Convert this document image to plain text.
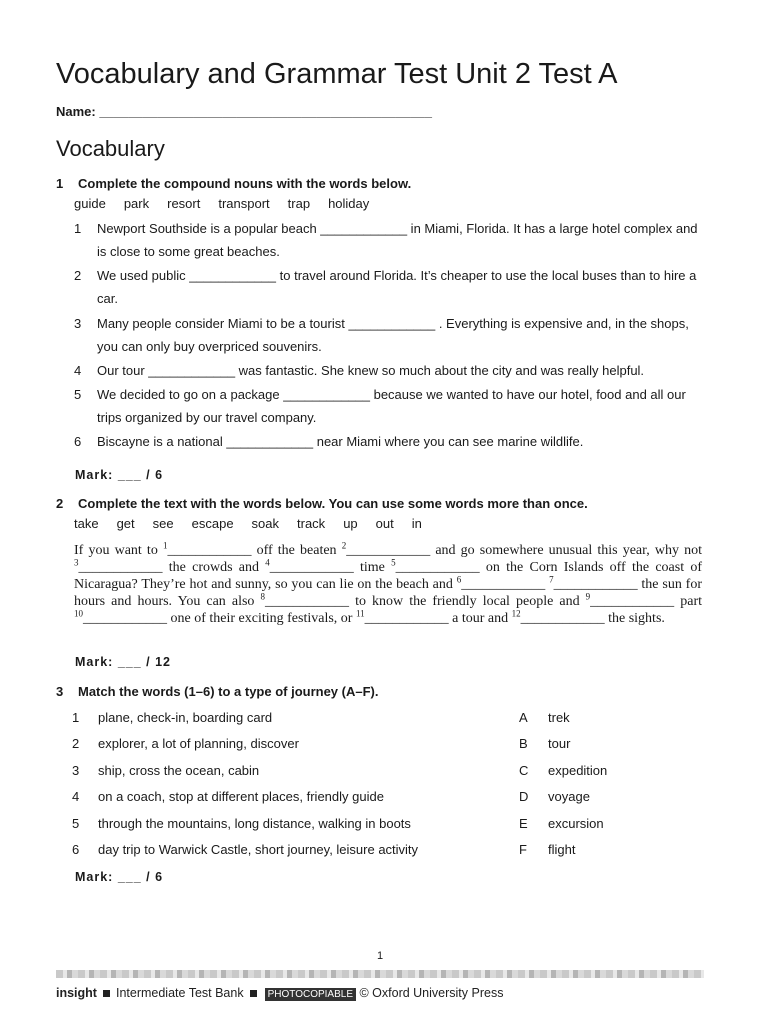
Vocabulary and Grammar Test Unit 2 Test A
Name: ______________________________________________
Vocabulary
1 Complete the compound nouns with the words below.
guide park resort transport trap holiday
1 Newport Southside is a popular beach ____________ in Miami, Florida. It has a large hotel complex and is close to some great beaches.
2 We used public ____________ to travel around Florida. It’s cheaper to use the local buses than to hire a car.
3 Many people consider Miami to be a tourist ____________ . Everything is expensive and, in the shops, you can only buy overpriced souvenirs.
4 Our tour ____________ was fantastic. She knew so much about the city and was really helpful.
5 We decided to go on a package ____________ because we wanted to have our hotel, food and all our trips organized by our travel company.
6 Biscayne is a national ____________ near Miami where you can see marine wildlife.
Mark: ___ / 6
2 Complete the text with the words below. You can use some words more than once.
take get see escape soak track up out in
If you want to $^1$____________ off the beaten $^2$____________ and go somewhere unusual this year, why not $^3$____________ the crowds and $^4$____________ time $^5$____________ on the Corn Islands off the coast of Nicaragua? They’re hot and sunny, so you can lie on the beach and $^6$____________ $^7$____________ the sun for hours and hours. You can also $^8$____________ to know the friendly local people and $^9$____________ part $^{10}$____________ one of their exciting festivals, or $^{11}$____________ a tour and $^{12}$____________ the sights.
Mark: ___ / 12
3 Match the words (1–6) to a type of journey (A–F).
1 plane, check-in, boarding card	A trek
2 explorer, a lot of planning, discover	B tour
3 ship, cross the ocean, cabin	C expedition
4 on a coach, stop at different places, friendly guide	D voyage
5 through the mountains, long distance, walking in boots	E excursion
6 day trip to Warwick Castle, short journey, leisure activity	F flight
Mark: ___ / 6
1
insight Intermediate Test Bank PHOTOCOPIABLE © Oxford University Press
